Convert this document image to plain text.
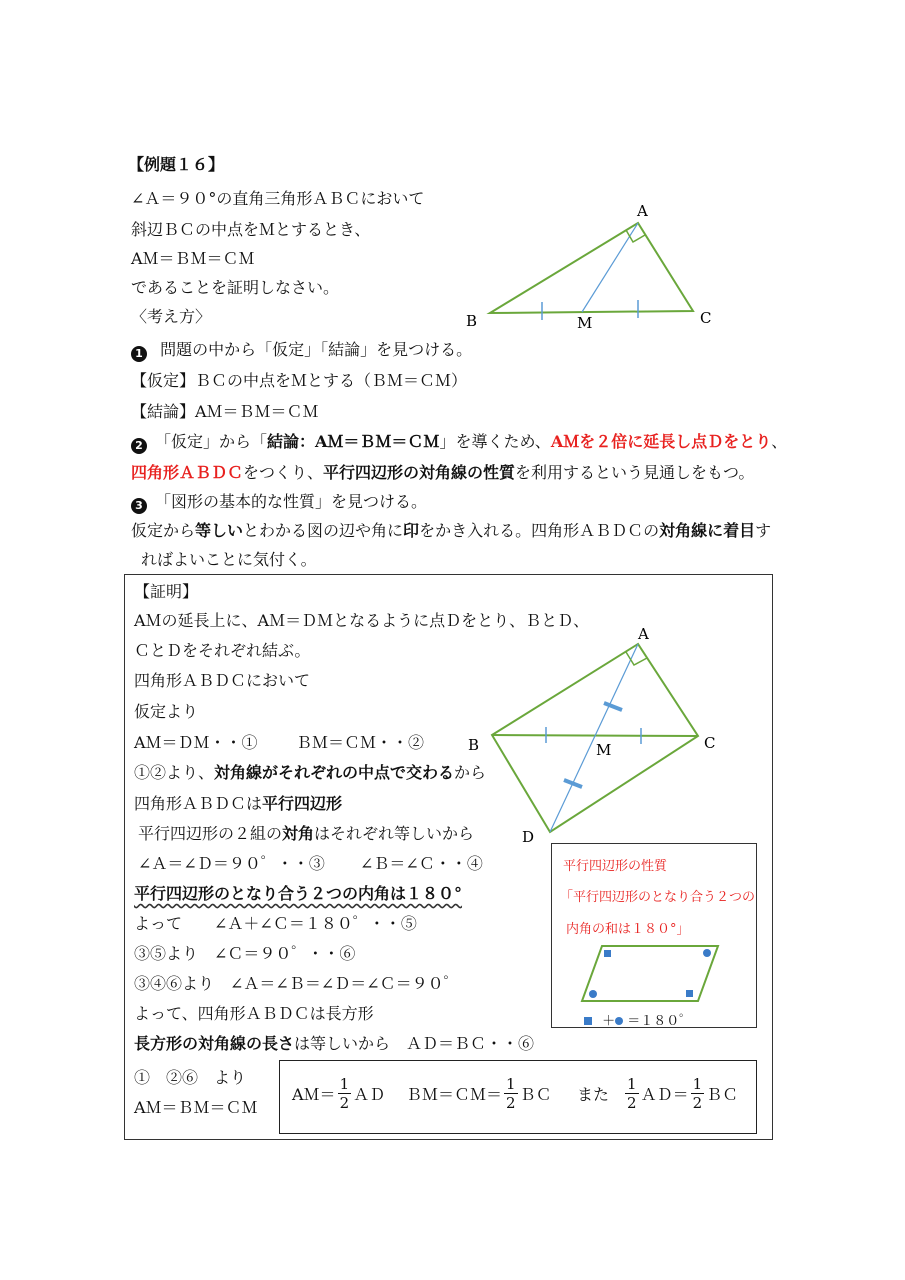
【例題１６】
∠Ａ＝９０°の直角三角形ＡＢＣにおいて
斜辺ＢＣの中点をＭとするとき、
AＭ＝ＢＭ＝ＣＭ
であることを証明しなさい。
〈考え方〉
A
B	C
M
1 問題の中から「仮定」「結論」を見つける。
【仮定】ＢＣの中点をＭとする（ＢＭ＝ＣＭ）
【結論】AＭ＝ＢＭ＝ＣＭ
2 「仮定」から「結論：AＭ＝ＢＭ＝ＣＭ」を導くため、AＭを２倍に延長し点Ｄをとり、
四角形ＡＢＤＣをつくり、平行四辺形の対角線の性質を利用するという見通しをもつ。
3 「図形の基本的な性質」を見つける。
仮定から等しいとわかる図の辺や角に印をかき入れる。四角形ＡＢＤＣの対角線に着目す
ればよいことに気付く。
【証明】
AＭの延長上に、AＭ＝ＤＭとなるように点Ｄをとり、ＢとＤ、
ＣとＤをそれぞれ結ぶ。
四角形ＡＢＤＣにおいて
仮定より
AＭ＝ＤＭ・・① ＢＭ＝ＣＭ・・②
①②より、対角線がそれぞれの中点で交わるから
四角形ＡＢＤＣは平行四辺形
平行四辺形の２組の対角はそれぞれ等しいから
∠Ａ＝∠Ｄ＝９０゜・・③ ∠Ｂ＝∠Ｃ・・④
平行四辺形のとなり合う２つの内角は１８０°
よって　　∠Ａ＋∠Ｃ＝１８０゜・・⑤
③⑤より　∠Ｃ＝９０゜・・⑥
③④⑥より　∠Ａ＝∠Ｂ＝∠Ｄ＝∠Ｃ＝９０゜
よって、四角形ＡＢＤＣは長方形
長方形の対角線の長さは等しいから　ＡＤ＝ＢＣ・・⑥
①　②⑥　より
AＭ＝ＢＭ＝ＣＭ
A
B	C
M
D
平行四辺形の性質
「平行四辺形のとなり合う２つの
内角の和は１８０°」
＋ ＝１８０゜
AＭ＝ $\frac{1}{2}$ ＡＤ ＢＭ＝ＣＭ＝ $\frac{1}{2}$ ＢＣ また $\frac{1}{2}$ ＡＤ＝ $\frac{1}{2}$ ＢＣ
